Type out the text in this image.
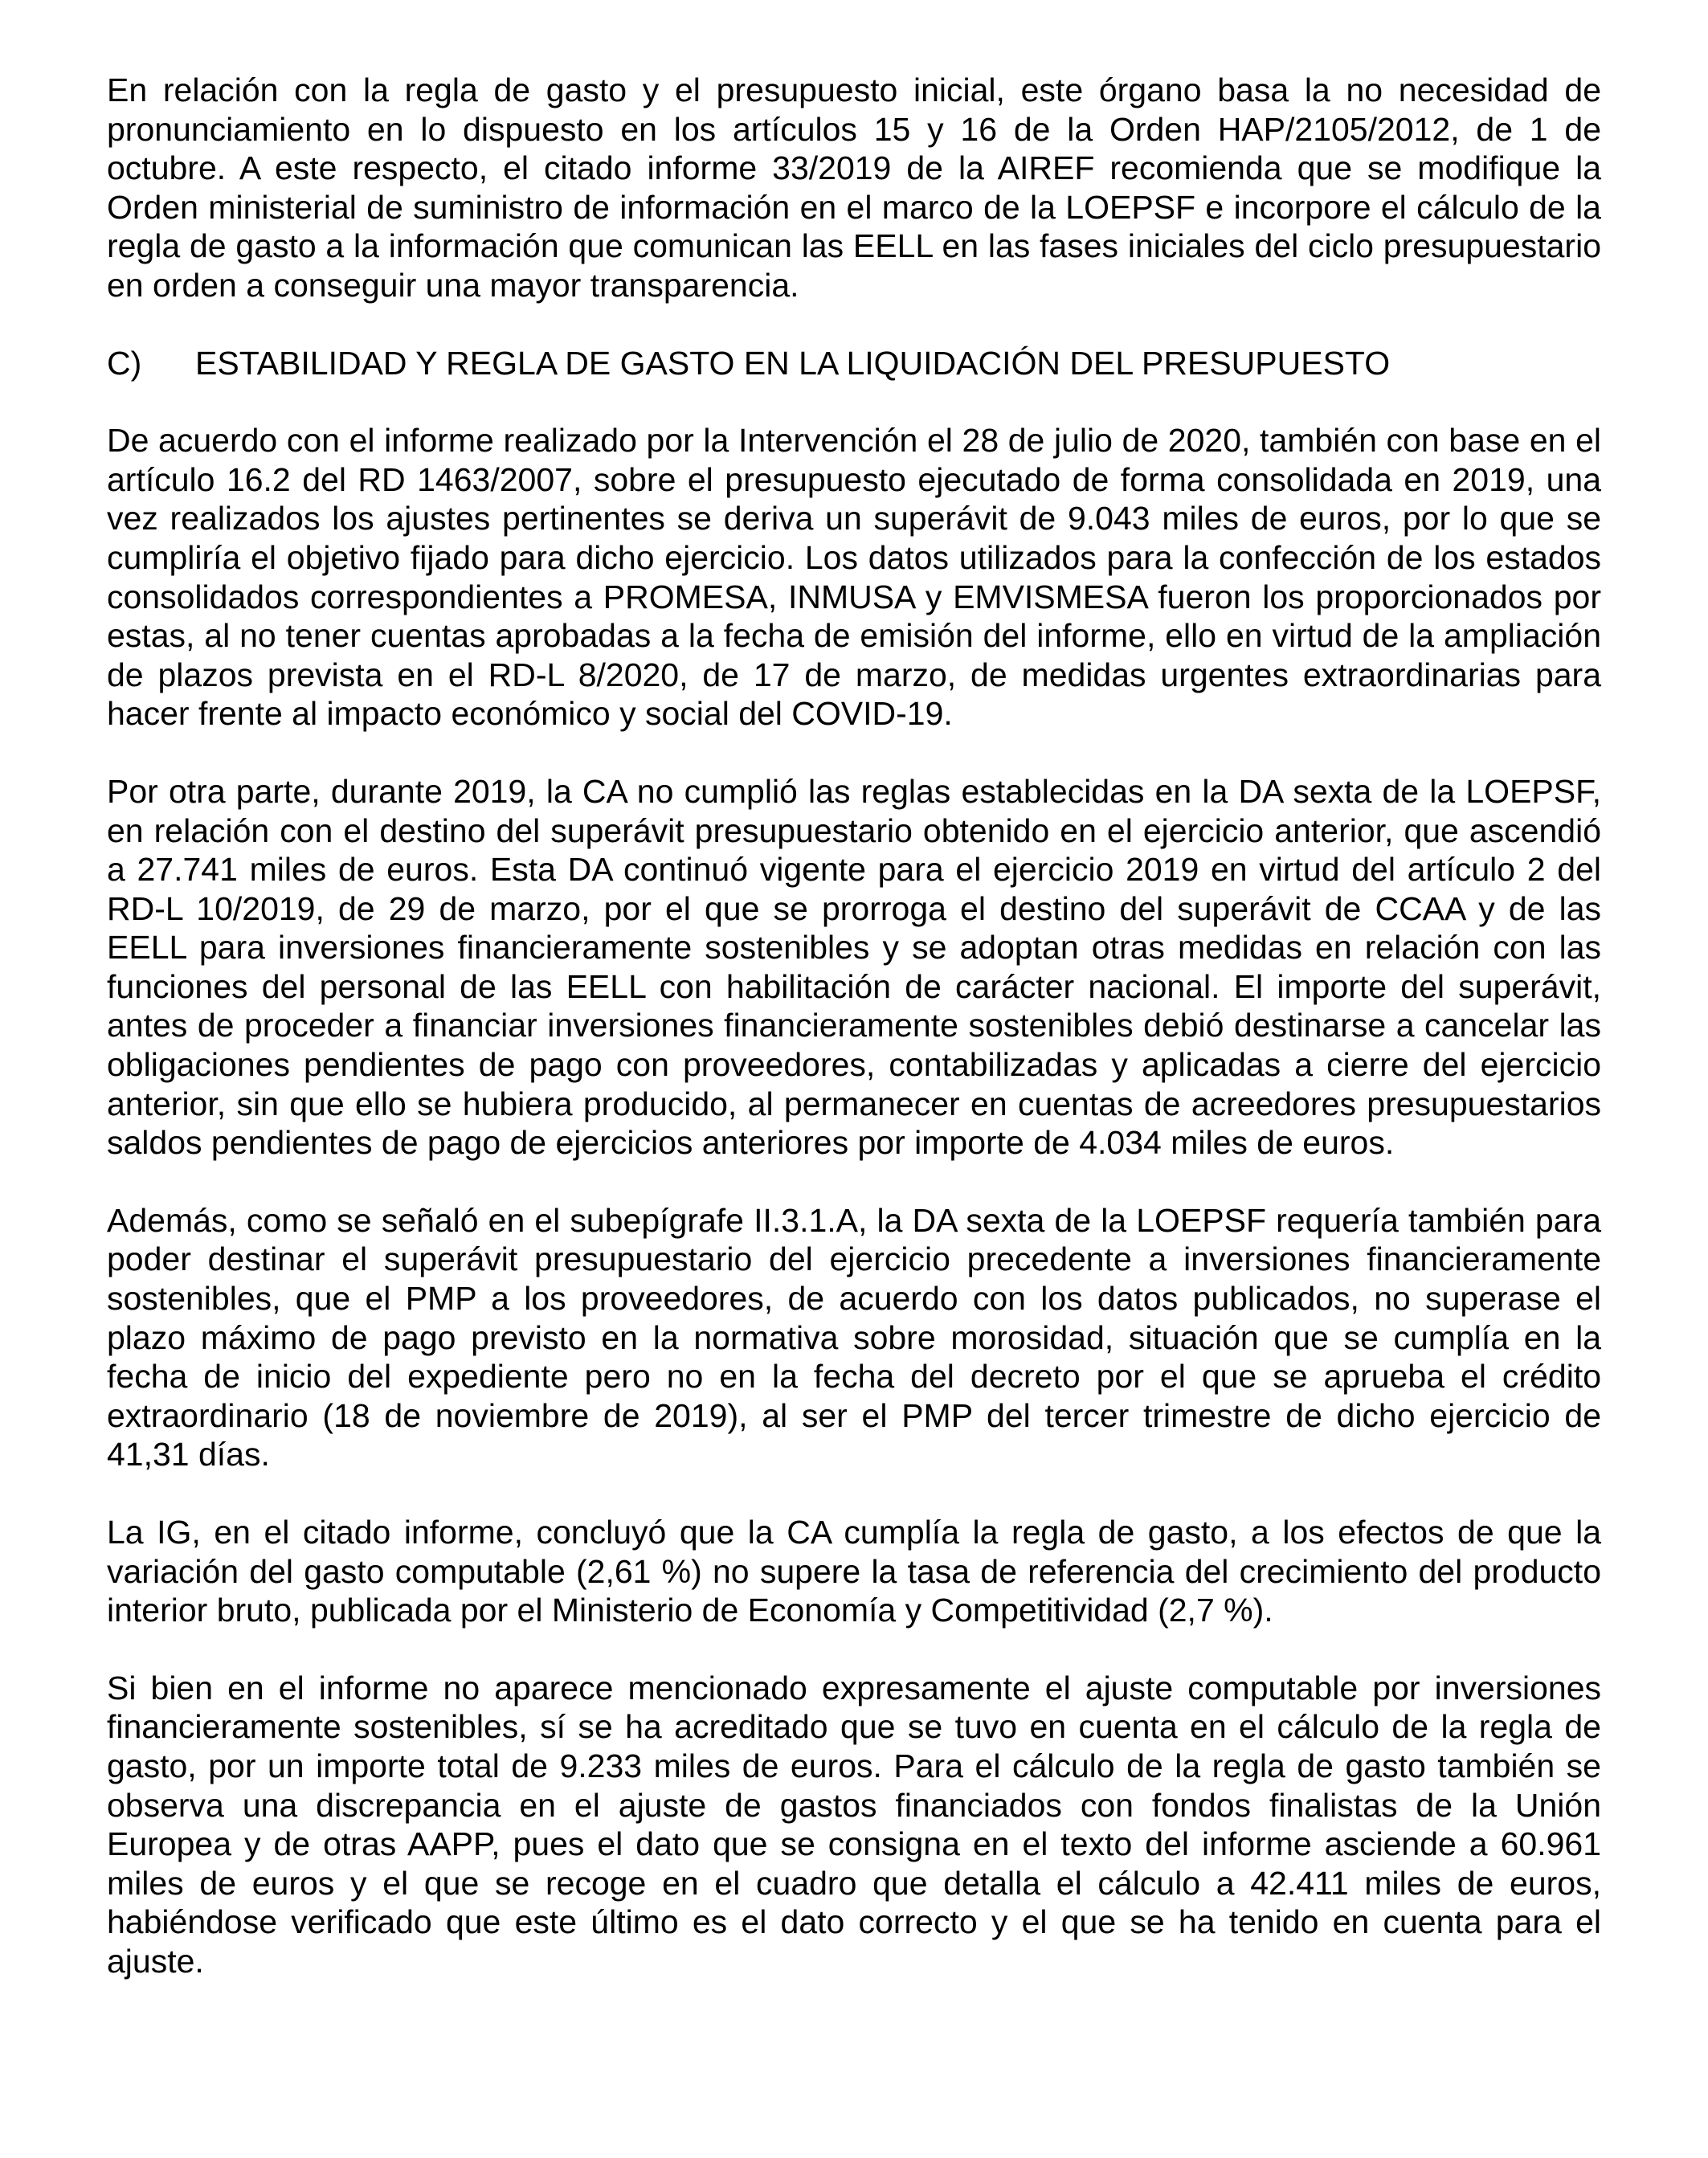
En relación con la regla de gasto y el presupuesto inicial, este órgano basa la no necesidad de pronunciamiento en lo dispuesto en los artículos 15 y 16 de la Orden HAP/2105/2012, de 1 de octubre. A este respecto, el citado informe 33/2019 de la AIREF recomienda que se modifique la Orden ministerial de suministro de información en el marco de la LOEPSF e incorpore el cálculo de la regla de gasto a la información que comunican las EELL en las fases iniciales del ciclo presupuestario en orden a conseguir una mayor transparencia.

C)	ESTABILIDAD Y REGLA DE GASTO EN LA LIQUIDACIÓN DEL PRESUPUESTO

De acuerdo con el informe realizado por la Intervención el 28 de julio de 2020, también con base en el artículo 16.2 del RD 1463/2007, sobre el presupuesto ejecutado de forma consolidada en 2019, una vez realizados los ajustes pertinentes se deriva un superávit de 9.043 miles de euros, por lo que se cumpliría el objetivo fijado para dicho ejercicio. Los datos utilizados para la confección de los estados consolidados correspondientes a PROMESA, INMUSA y EMVISMESA fueron los proporcionados por estas, al no tener cuentas aprobadas a la fecha de emisión del informe, ello en virtud de la ampliación de plazos prevista en el RD-L 8/2020, de 17 de marzo, de medidas urgentes extraordinarias para hacer frente al impacto económico y social del COVID-19.

Por otra parte, durante 2019, la CA no cumplió las reglas establecidas en la DA sexta de la LOEPSF, en relación con el destino del superávit presupuestario obtenido en el ejercicio anterior, que ascendió a 27.741 miles de euros. Esta DA continuó vigente para el ejercicio 2019 en virtud del artículo 2 del RD-L 10/2019, de 29 de marzo, por el que se prorroga el destino del superávit de CCAA y de las EELL para inversiones financieramente sostenibles y se adoptan otras medidas en relación con las funciones del personal de las EELL con habilitación de carácter nacional. El importe del superávit, antes de proceder a financiar inversiones financieramente sostenibles debió destinarse a cancelar las obligaciones pendientes de pago con proveedores, contabilizadas y aplicadas a cierre del ejercicio anterior, sin que ello se hubiera producido, al permanecer en cuentas de acreedores presupuestarios saldos pendientes de pago de ejercicios anteriores por importe de 4.034 miles de euros.

Además, como se señaló en el subepígrafe II.3.1.A, la DA sexta de la LOEPSF requería también para poder destinar el superávit presupuestario del ejercicio precedente a inversiones financieramente sostenibles, que el PMP a los proveedores, de acuerdo con los datos publicados, no superase el plazo máximo de pago previsto en la normativa sobre morosidad, situación que se cumplía en la fecha de inicio del expediente pero no en la fecha del decreto por el que se aprueba el crédito extraordinario (18 de noviembre de 2019), al ser el PMP del tercer trimestre de dicho ejercicio de 41,31 días.

La IG, en el citado informe, concluyó que la CA cumplía la regla de gasto, a los efectos de que la variación del gasto computable (2,61 %) no supere la tasa de referencia del crecimiento del producto interior bruto, publicada por el Ministerio de Economía y Competitividad (2,7 %).

Si bien en el informe no aparece mencionado expresamente el ajuste computable por inversiones financieramente sostenibles, sí se ha acreditado que se tuvo en cuenta en el cálculo de la regla de gasto, por un importe total de 9.233 miles de euros. Para el cálculo de la regla de gasto también se observa una discrepancia en el ajuste de gastos financiados con fondos finalistas de la Unión Europea y de otras AAPP, pues el dato que se consigna en el texto del informe asciende a 60.961 miles de euros y el que se recoge en el cuadro que detalla el cálculo a 42.411 miles de euros, habiéndose verificado que este último es el dato correcto y el que se ha tenido en cuenta para el ajuste.
